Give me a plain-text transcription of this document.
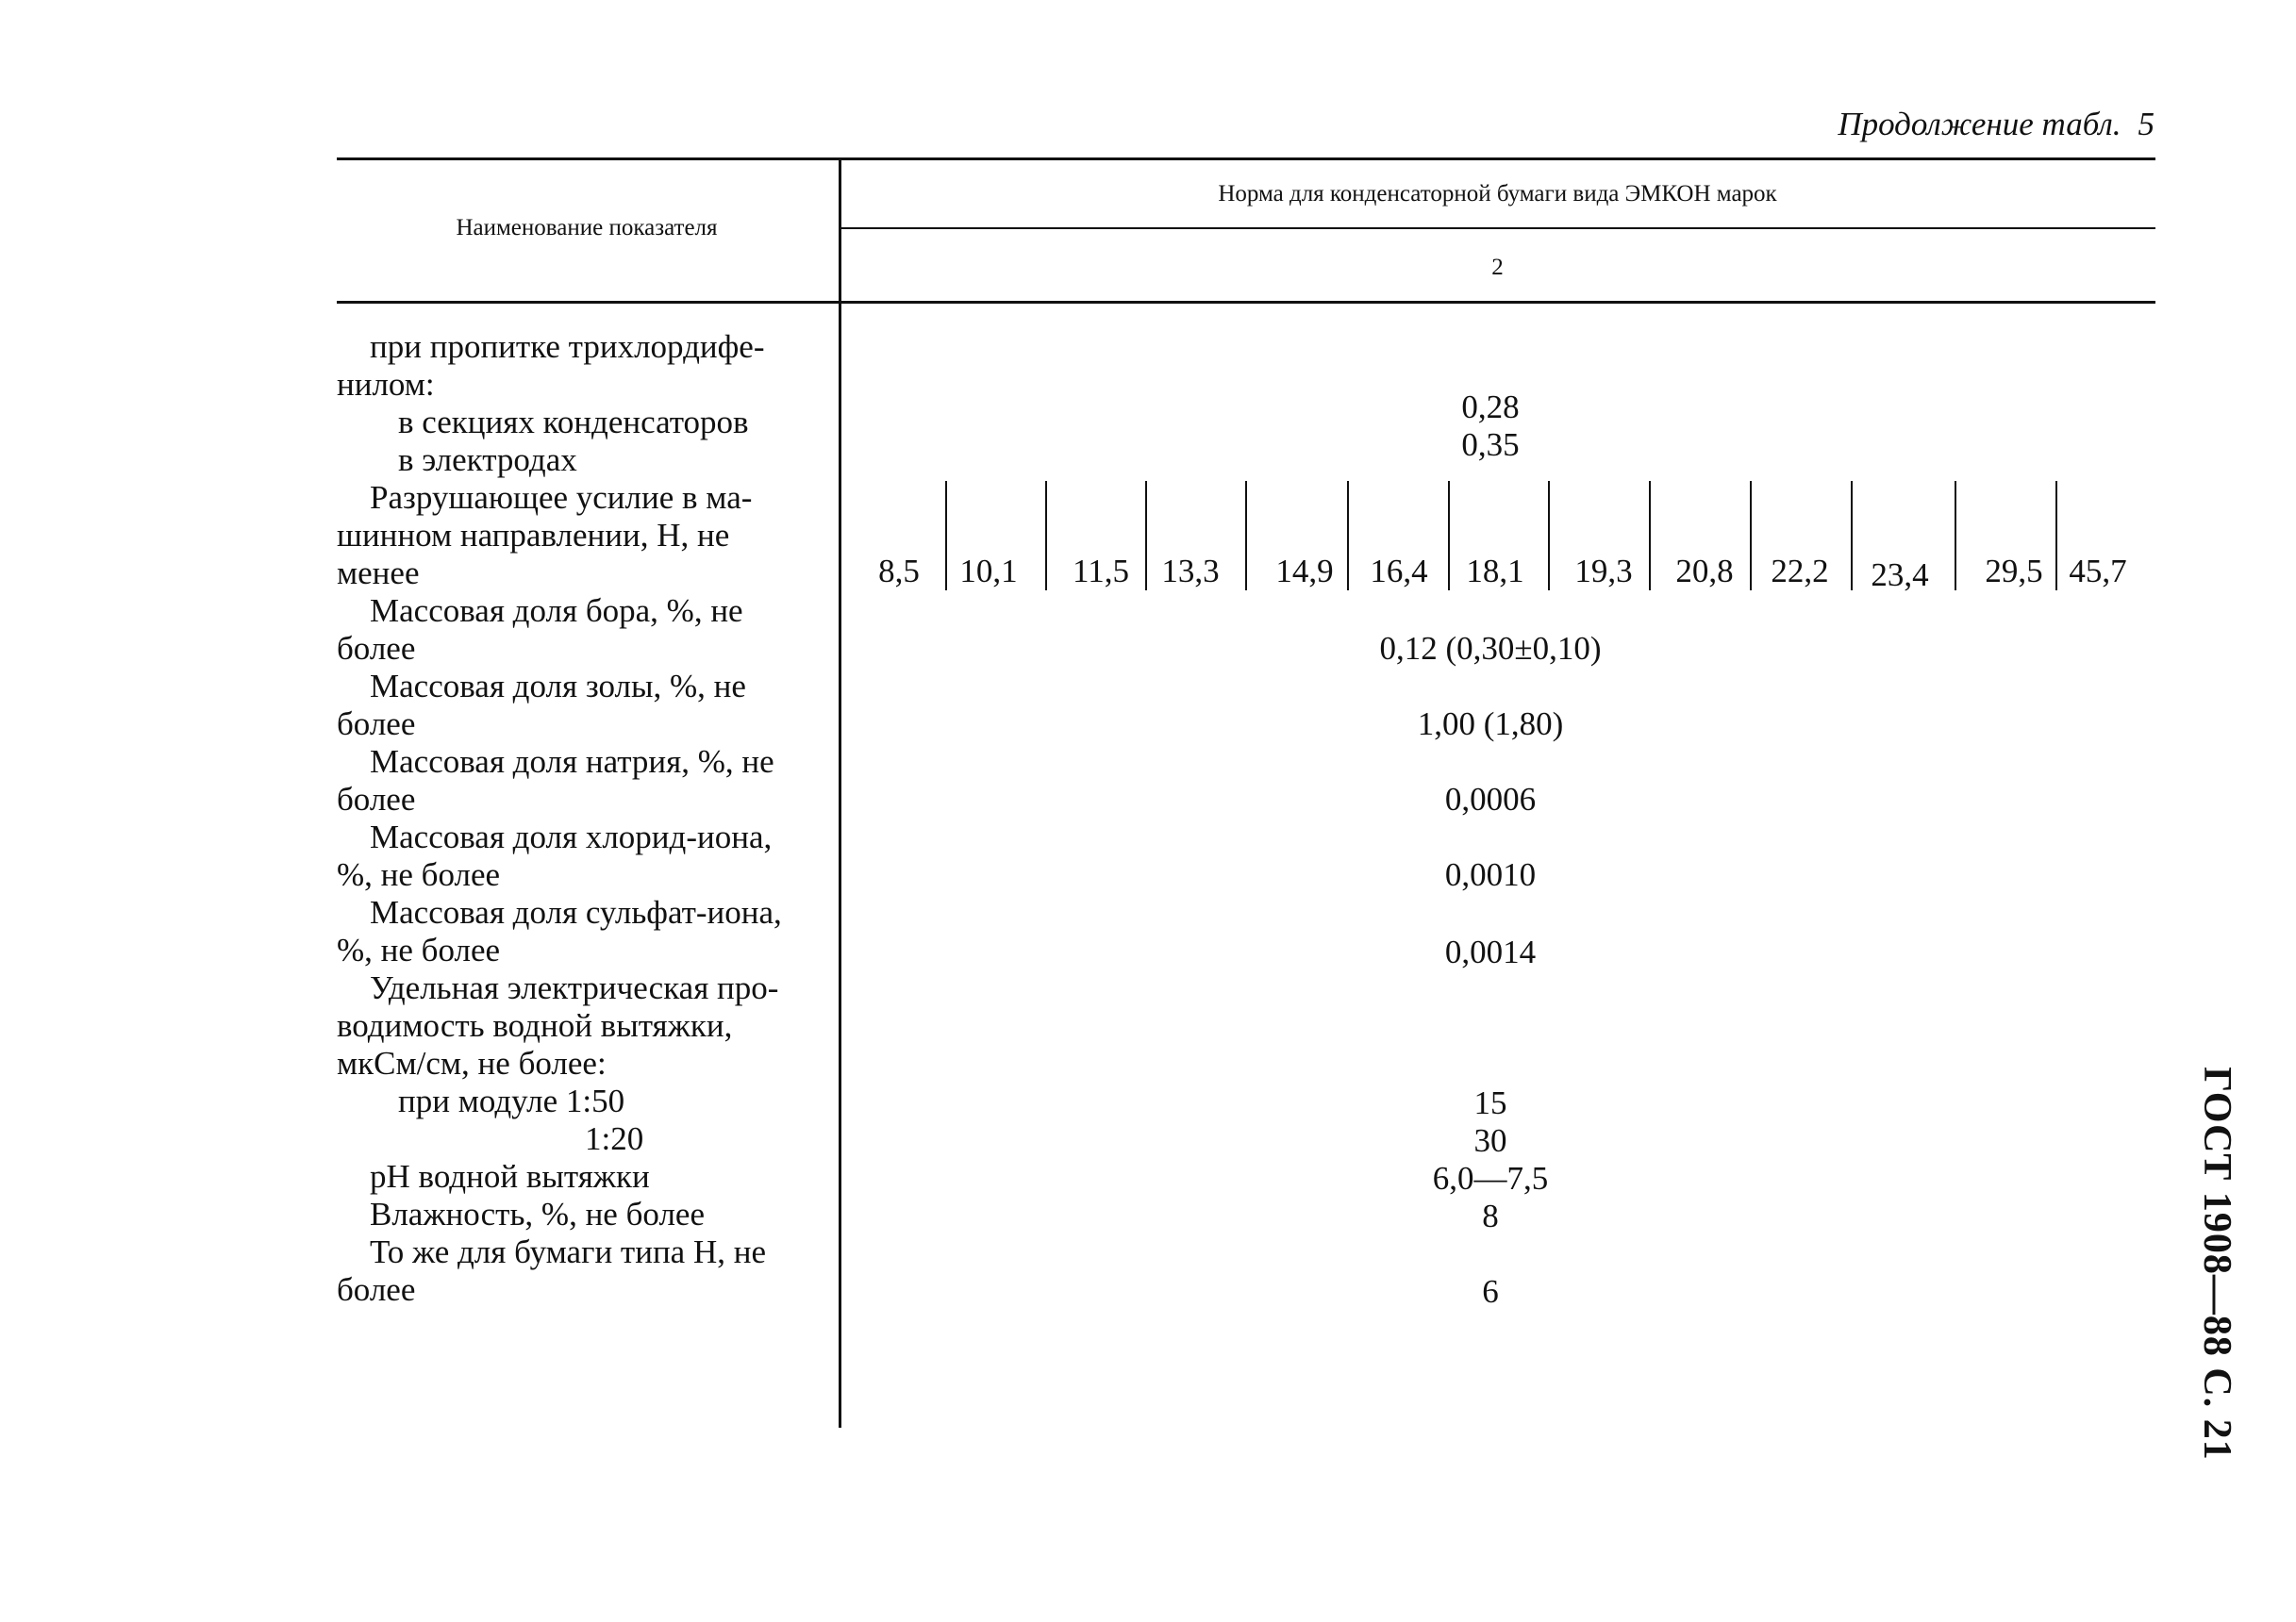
Продолжение табл. 5
Наименование показателя
Норма для конденсаторной бумаги вида ЭМКОН марок
2
при пропитке трихлордифе-
нилом:
в секциях конденсаторов
в электродах
Разрушающее усилие в ма-
шинном направлении, Н, не
менее
Массовая доля бора, %, не
более
Массовая доля золы, %, не
более
Массовая доля натрия, %, не
более
Массовая доля хлорид-иона,
%, не более
Массовая доля сульфат-иона,
%, не более
Удельная электрическая про-
водимость водной вытяжки,
мкСм/см, не более:
при модуле 1:50
1:20
pH водной вытяжки
Влажность, %, не более
То же для бумаги типа Н, не
более
0,28
0,35
8,5	10,1 11,5 13,3 14,9 16,4 18,1 19,3 20,8 22,2 23,4 29,5 45,7
0,12 (0,30±0,10)
1,00 (1,80)
0,0006
0,0010
0,0014
15
30
6,0—7,5
8
6	ГОСТ 1908—88 С. 21
